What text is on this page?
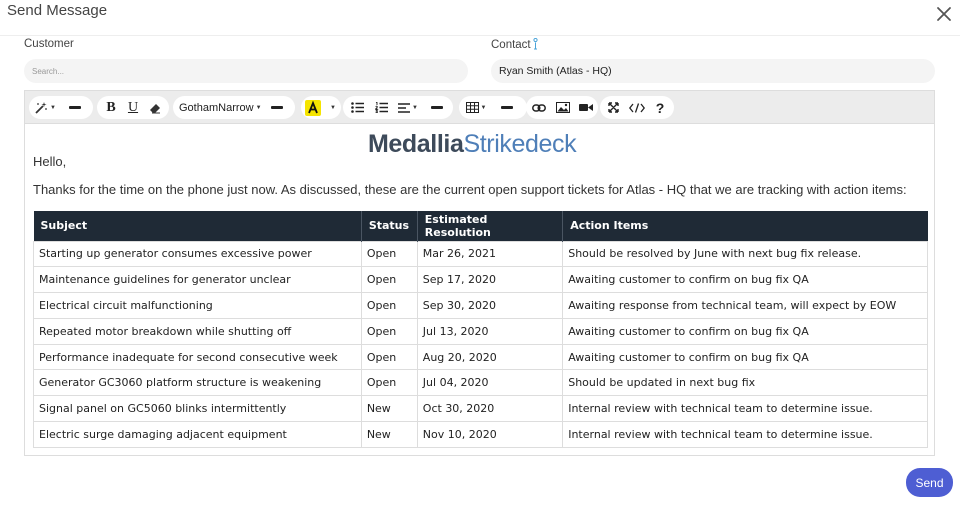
Send Message
Customer	Contact
Search...
Ryan Smith (Atlas - HQ)
▼	B U	GothamNarrow ▼	▼	▼	▼	?
MedalliaStrikedeck
Hello,
Thanks for the time on the phone just now. As discussed, these are the current open support tickets for Atlas - HQ that we are tracking with action items:
Subject	Status	Estimated Resolution	Action Items
Starting up generator consumes excessive power	Open	Mar 26, 2021	Should be resolved by June with next bug fix release.
Maintenance guidelines for generator unclear	Open	Sep 17, 2020	Awaiting customer to confirm on bug fix QA
Electrical circuit malfunctioning	Open	Sep 30, 2020	Awaiting response from technical team, will expect by EOW
Repeated motor breakdown while shutting off	Open	Jul 13, 2020	Awaiting customer to confirm on bug fix QA
Performance inadequate for second consecutive week	Open	Aug 20, 2020	Awaiting customer to confirm on bug fix QA
Generator GC3060 platform structure is weakening	Open	Jul 04, 2020	Should be updated in next bug fix
Signal panel on GC5060 blinks intermittently	New	Oct 30, 2020	Internal review with technical team to determine issue.
Electric surge damaging adjacent equipment	New	Nov 10, 2020	Internal review with technical team to determine issue.
Send
